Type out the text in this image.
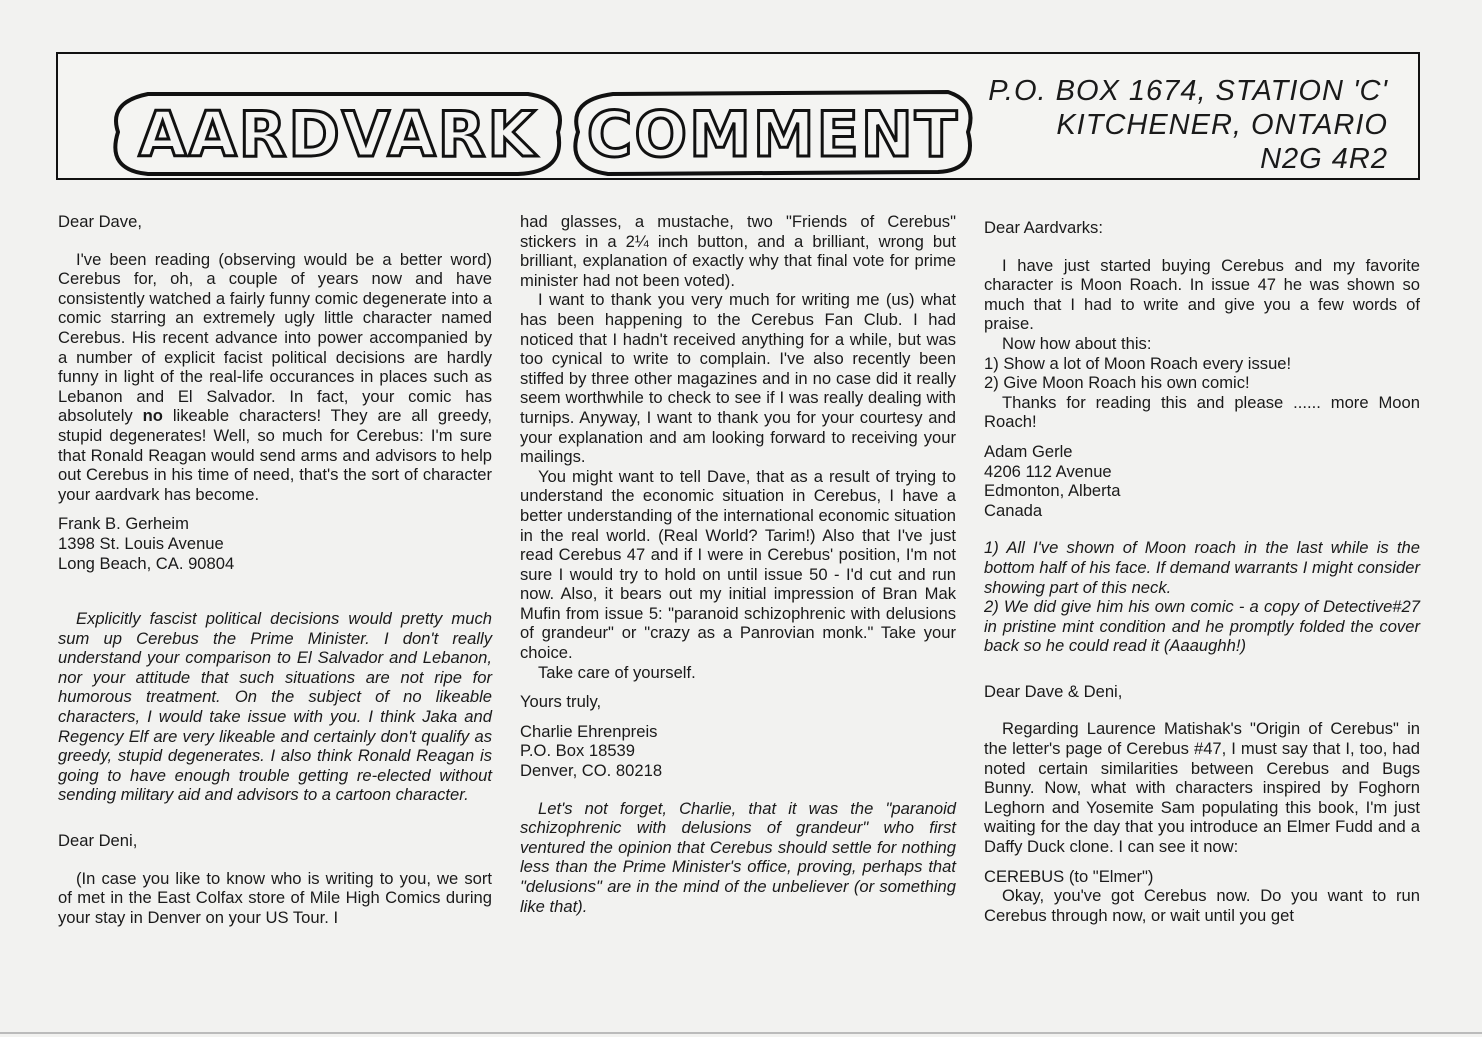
AARDVARK COMMENT
P.O. BOX 1674, STATION 'C'
KITCHENER, ONTARIO
N2G 4R2

Dear Dave,

I've been reading (observing would be a better word) Cerebus for, oh, a couple of years now and have consistently watched a fairly funny comic degenerate into a comic starring an extremely ugly little character named Cerebus. His recent advance into power accompanied by a number of explicit facist political decisions are hardly funny in light of the real-life occurances in places such as Lebanon and El Salvador. In fact, your comic has absolutely no likeable characters! They are all greedy, stupid degenerates! Well, so much for Cerebus: I'm sure that Ronald Reagan would send arms and advisors to help out Cerebus in his time of need, that's the sort of character your aardvark has become.

Frank B. Gerheim

1398 St. Louis Avenue

Long Beach, CA. 90804

Explicitly fascist political decisions would pretty much sum up Cerebus the Prime Minister. I don't really understand your comparison to El Salvador and Lebanon, nor your attitude that such situations are not ripe for humorous treatment. On the subject of no likeable characters, I would take issue with you. I think Jaka and Regency Elf are very likeable and certainly don't qualify as greedy, stupid degenerates. I also think Ronald Reagan is going to have enough trouble getting re-elected without sending military aid and advisors to a cartoon character.

Dear Deni,

(In case you like to know who is writing to you, we sort of met in the East Colfax store of Mile High Comics during your stay in Denver on your US Tour. I

had glasses, a mustache, two "Friends of Cerebus" stickers in a 2¼ inch button, and a brilliant, wrong but brilliant, explanation of exactly why that final vote for prime minister had not been voted).

I want to thank you very much for writing me (us) what has been happening to the Cerebus Fan Club. I had noticed that I hadn't received anything for a while, but was too cynical to write to complain. I've also recently been stiffed by three other magazines and in no case did it really seem worthwhile to check to see if I was really dealing with turnips. Anyway, I want to thank you for your courtesy and your explanation and am looking forward to receiving your mailings.

You might want to tell Dave, that as a result of trying to understand the economic situation in Cerebus, I have a better understanding of the international economic situation in the real world. (Real World? Tarim!) Also that I've just read Cerebus 47 and if I were in Cerebus' position, I'm not sure I would try to hold on until issue 50 - I'd cut and run now. Also, it bears out my initial impression of Bran Mak Mufin from issue 5: "paranoid schizophrenic with delusions of grandeur" or "crazy as a Panrovian monk." Take your choice.

Take care of yourself.

Yours truly,

Charlie Ehrenpreis

P.O. Box 18539

Denver, CO. 80218

Let's not forget, Charlie, that it was the "paranoid schizophrenic with delusions of grandeur" who first ventured the opinion that Cerebus should settle for nothing less than the Prime Minister's office, proving, perhaps that "delusions" are in the mind of the unbeliever (or something like that).

Dear Aardvarks:

I have just started buying Cerebus and my favorite character is Moon Roach. In issue 47 he was shown so much that I had to write and give you a few words of praise.

Now how about this:

1) Show a lot of Moon Roach every issue!

2) Give Moon Roach his own comic!

Thanks for reading this and please ...... more Moon Roach!

Adam Gerle

4206 112 Avenue

Edmonton, Alberta

Canada

1) All I've shown of Moon roach in the last while is the bottom half of his face. If demand warrants I might consider showing part of this neck.

2) We did give him his own comic - a copy of Detective#27 in pristine mint condition and he promptly folded the cover back so he could read it (Aaaughh!)

Dear Dave & Deni,

Regarding Laurence Matishak's "Origin of Cerebus" in the letter's page of Cerebus #47, I must say that I, too, had noted certain similarities between Cerebus and Bugs Bunny. Now, what with characters inspired by Foghorn Leghorn and Yosemite Sam populating this book, I'm just waiting for the day that you introduce an Elmer Fudd and a Daffy Duck clone. I can see it now:

CEREBUS (to "Elmer")

Okay, you've got Cerebus now. Do you want to run Cerebus through now, or wait until you get
